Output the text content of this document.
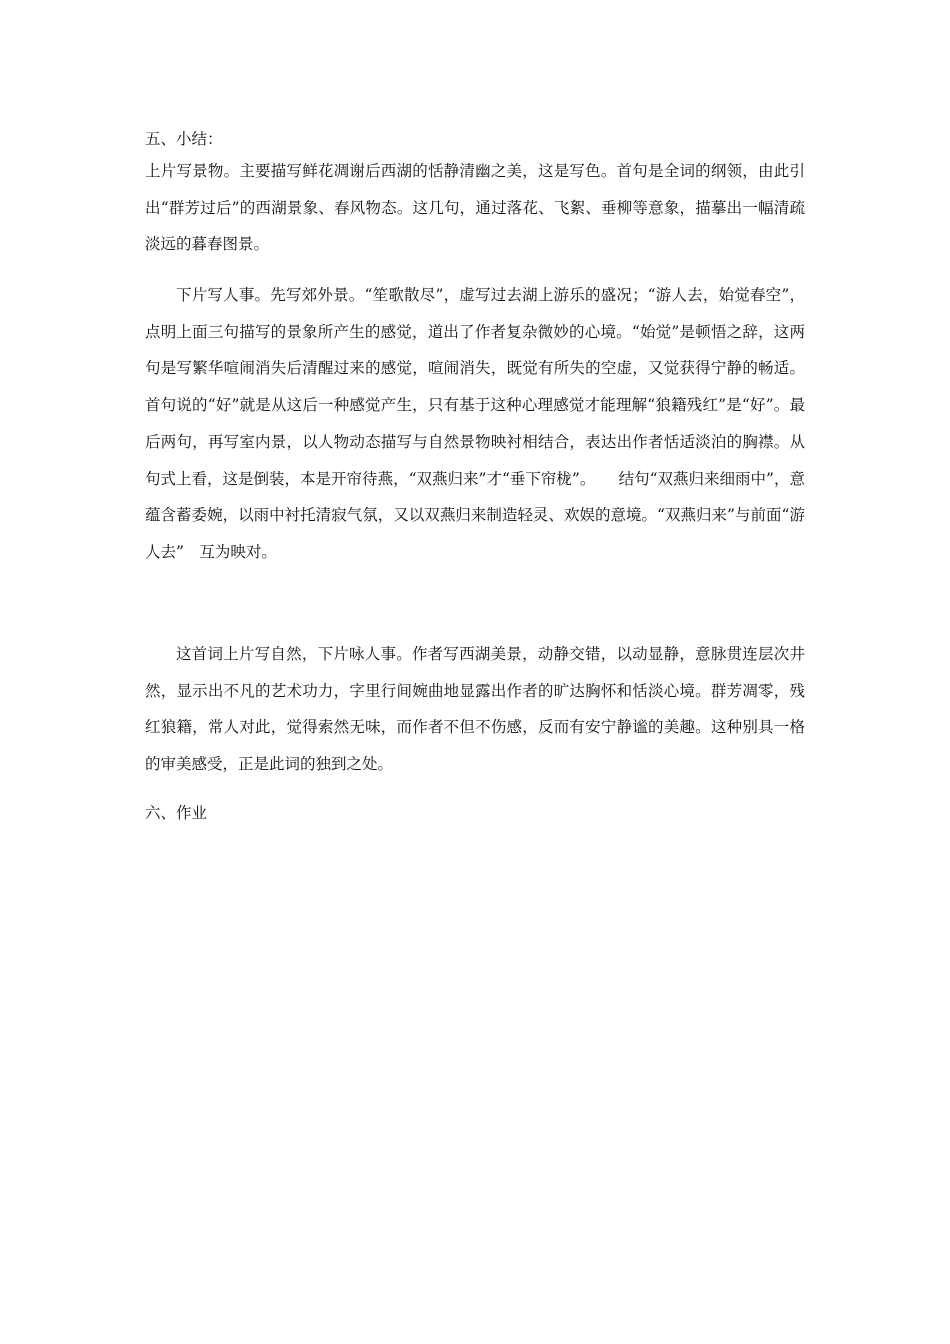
五、小结：

上片写景物。主要描写鲜花凋谢后西湖的恬静清幽之美，这是写色。首句是全词的纲领，由此引出“群芳过后”的西湖景象、春风物态。这几句，通过落花、飞絮、垂柳等意象，描摹出一幅清疏淡远的暮春图景。

下片写人事。先写郊外景。“笙歌散尽”，虚写过去湖上游乐的盛况；“游人去，始觉春空”，点明上面三句描写的景象所产生的感觉，道出了作者复杂微妙的心境。“始觉”是顿悟之辞，这两句是写繁华喧闹消失后清醒过来的感觉，喧闹消失，既觉有所失的空虚，又觉获得宁静的畅适。首句说的“好”就是从这后一种感觉产生，只有基于这种心理感觉才能理解“狼籍残红”是“好”。最后两句，再写室内景，以人物动态描写与自然景物映衬相结合，表达出作者恬适淡泊的胸襟。从句式上看，这是倒装，本是开帘待燕，“双燕归来”才“垂下帘栊”。　　结句“双燕归来细雨中”，意蕴含蓄委婉，以雨中衬托清寂气氛，又以双燕归来制造轻灵、欢娱的意境。“双燕归来”与前面“游人去”　互为映对。

这首词上片写自然，下片咏人事。作者写西湖美景，动静交错，以动显静，意脉贯连层次井然，显示出不凡的艺术功力，字里行间婉曲地显露出作者的旷达胸怀和恬淡心境。群芳凋零，残红狼籍，常人对此，觉得索然无味，而作者不但不伤感，反而有安宁静谧的美趣。这种别具一格的审美感受，正是此词的独到之处。

六、作业
